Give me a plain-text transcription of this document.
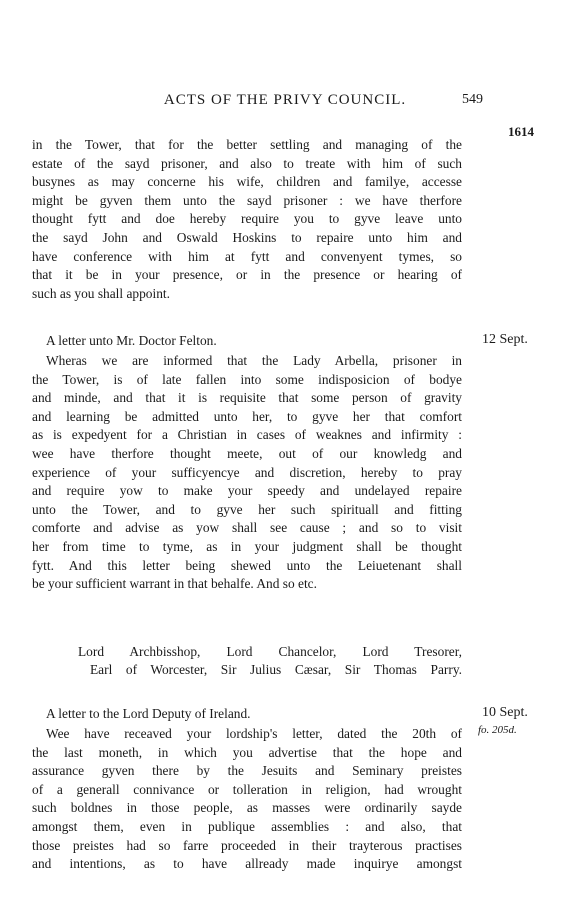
ACTS OF THE PRIVY COUNCIL.	549
1614
in the Tower, that for the better settling and managing of the
estate of the sayd prisoner, and also to treate with him of such
busynes as may concerne his wife, children and familye, accesse
might be gyven them unto the sayd prisoner : we have therfore
thought fytt and doe hereby require you to gyve leave unto
the sayd John and Oswald Hoskins to repaire unto him and
have conference with him at fytt and convenyent tymes, so
that it be in your presence, or in the presence or hearing of
such as you shall appoint.
A letter unto Mr. Doctor Felton.	12 Sept.
Wheras we are informed that the Lady Arbella, prisoner in
the Tower, is of late fallen into some indisposicion of bodye
and minde, and that it is requisite that some person of gravity
and learning be admitted unto her, to gyve her that comfort
as is expedyent for a Christian in cases of weaknes and infirmity :
wee have therfore thought meete, out of our knowledg and
experience of your sufficyencye and discretion, hereby to pray
and require yow to make your speedy and undelayed repaire
unto the Tower, and to gyve her such spirituall and fitting
comforte and advise as yow shall see cause ; and so to visit
her from time to tyme, as in your judgment shall be thought
fytt. And this letter being shewed unto the Leiuetenant shall
be your sufficient warrant in that behalfe. And so etc.
Lord Archbisshop, Lord Chancelor, Lord Tresorer,
Earl of Worcester, Sir Julius Cæsar, Sir Thomas Parry.
A letter to the Lord Deputy of Ireland.	10 Sept.
fo. 205d.
Wee have receaved your lordship's letter, dated the 20th of
the last moneth, in which you advertise that the hope and
assurance gyven there by the Jesuits and Seminary preistes
of a generall connivance or tolleration in religion, had wrought
such boldnes in those people, as masses were ordinarily sayde
amongst them, even in publique assemblies : and also, that
those preistes had so farre proceeded in their trayterous practises
and intentions, as to have allready made inquirye amongst
